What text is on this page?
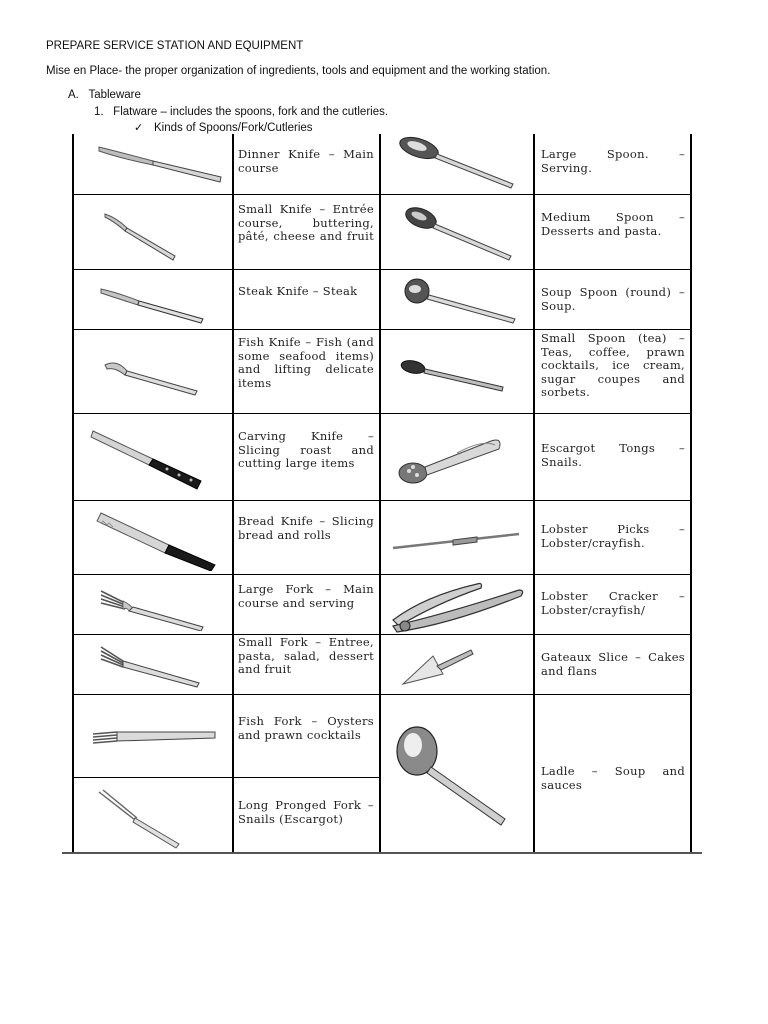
PREPARE SERVICE STATION AND EQUIPMENT
Mise en Place- the proper organization of ingredients, tools and equipment and the working station.
A.   Tableware
1.   Flatware – includes the spoons, fork and the cutleries.
✓ Kinds of Spoons/Fork/Cutleries
Dinner Knife – Main course
Small Knife – Entrée course, buttering, pâté, cheese and fruit
Steak Knife – Steak
Fish Knife – Fish (and some seafood items) and lifting delicate items
Carving Knife – Slicing roast and cutting large items
Bread Knife – Slicing bread and rolls
Large Fork – Main course and serving
Small Fork – Entree, pasta, salad, dessert and fruit
Fish Fork – Oysters and prawn cocktails
Long Pronged Fork – Snails (Escargot)
Large Spoon. – Serving.
Medium Spoon – Desserts and pasta.
Soup Spoon (round) – Soup.
Small Spoon (tea) – Teas, coffee, prawn cocktails, ice cream, sugar coupes and sorbets.
Escargot Tongs – Snails.
Lobster Picks – Lobster/crayfish.
Lobster Cracker – Lobster/crayfish/
Gateaux Slice – Cakes and flans
Ladle – Soup and sauces
